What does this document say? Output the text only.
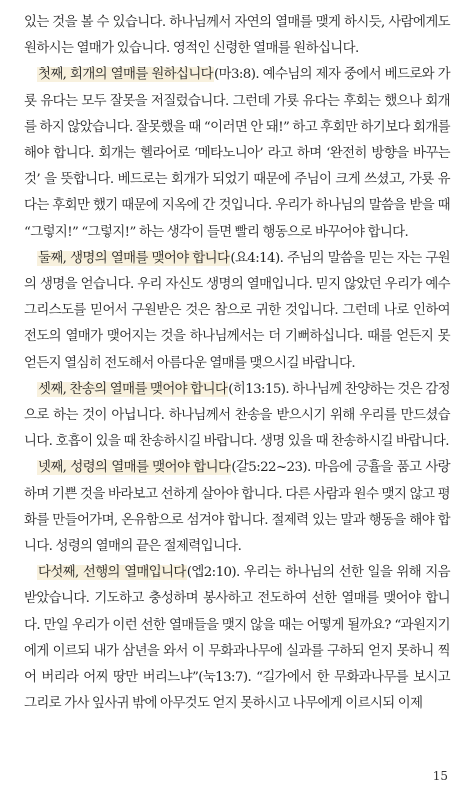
있는 것을 볼 수 있습니다. 하나님께서 자연의 열매를 맺게 하시듯, 사람에게도 원하시는 열매가 있습니다. 영적인 신령한 열매를 원하십니다.

첫째, 회개의 열매를 원하십니다(마3:8). 예수님의 제자 중에서 베드로와 가룟 유다는 모두 잘못을 저질렀습니다. 그런데 가룟 유다는 후회는 했으나 회개를 하지 않았습니다. 잘못했을 때 “이러면 안 돼!” 하고 후회만 하기보다 회개를 해야 합니다. 회개는 헬라어로 ‘메타노니아’ 라고 하며 ‘완전히 방향을 바꾸는 것’ 을 뜻합니다. 베드로는 회개가 되었기 때문에 주님이 크게 쓰셨고, 가룟 유다는 후회만 했기 때문에 지옥에 간 것입니다. 우리가 하나님의 말씀을 받을 때 “그렇지!” “그렇지!” 하는 생각이 들면 빨리 행동으로 바꾸어야 합니다.

둘째, 생명의 열매를 맺어야 합니다(요4:14). 주님의 말씀을 믿는 자는 구원의 생명을 얻습니다. 우리 자신도 생명의 열매입니다. 믿지 않았던 우리가 예수 그리스도를 믿어서 구원받은 것은 참으로 귀한 것입니다. 그런데 나로 인하여 전도의 열매가 맺어지는 것을 하나님께서는 더 기뻐하십니다. 때를 얻든지 못 얻든지 열심히 전도해서 아름다운 열매를 맺으시길 바랍니다.

셋째, 찬송의 열매를 맺어야 합니다(히13:15). 하나님께 찬양하는 것은 감정으로 하는 것이 아닙니다. 하나님께서 찬송을 받으시기 위해 우리를 만드셨습니다. 호흡이 있을 때 찬송하시길 바랍니다. 생명 있을 때 찬송하시길 바랍니다.

넷째, 성령의 열매를 맺어야 합니다(갈5:22~23). 마음에 긍휼을 품고 사랑하며 기쁜 것을 바라보고 선하게 살아야 합니다. 다른 사람과 원수 맺지 않고 평화를 만들어가며, 온유함으로 섬겨야 합니다. 절제력 있는 말과 행동을 해야 합니다. 성령의 열매의 끝은 절제력입니다.

다섯째, 선행의 열매입니다(엡2:10). 우리는 하나님의 선한 일을 위해 지음 받았습니다. 기도하고 충성하며 봉사하고 전도하여 선한 열매를 맺어야 합니다. 만일 우리가 이런 선한 열매들을 맺지 않을 때는 어떻게 될까요? “과원지기에게 이르되 내가 삼년을 와서 이 무화과나무에 실과를 구하되 얻지 못하니 찍어 버리라 어찌 땅만 버리느냐”(눅13:7). “길가에서 한 무화과나무를 보시고 그리로 가사 잎사귀 밖에 아무것도 얻지 못하시고 나무에게 이르시되 이제

15
